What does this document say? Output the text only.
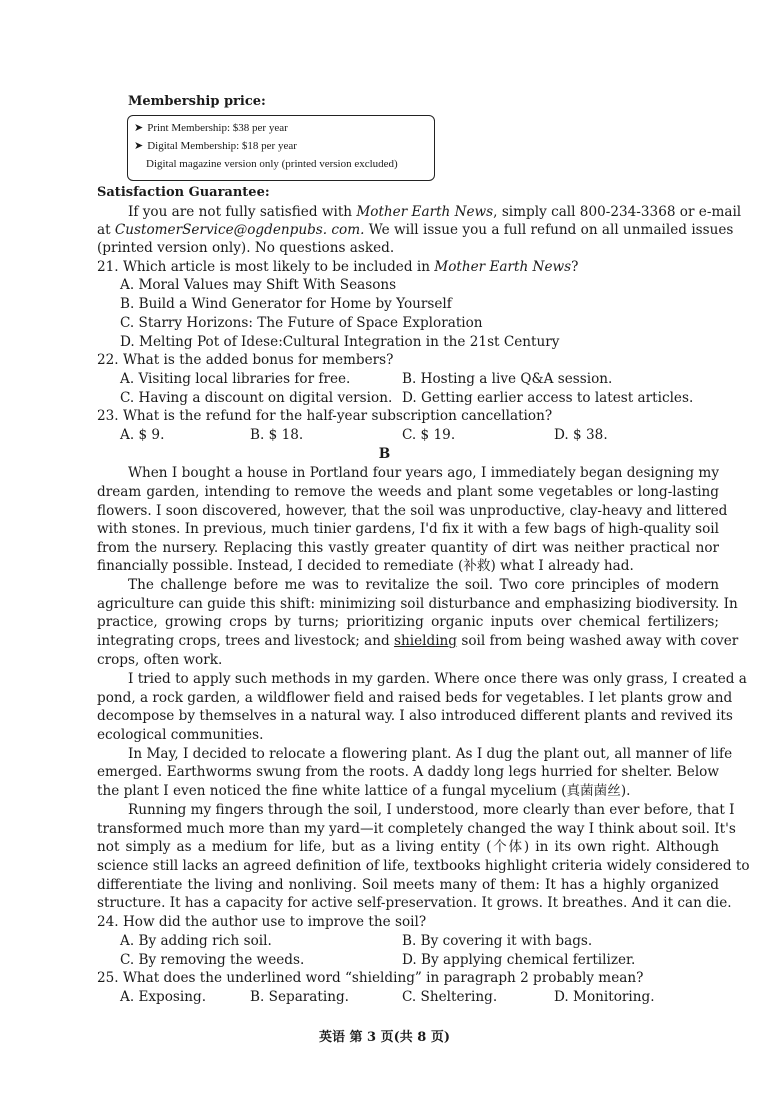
Membership price:
➤ Print Membership: $38 per year
➤ Digital Membership: $18 per year
Digital magazine version only (printed version excluded)
Satisfaction Guarantee:
If you are not fully satisfied with Mother Earth News, simply call 800-234-3368 or e-mail
at CustomerService@ogdenpubs. com. We will issue you a full refund on all unmailed issues
(printed version only). No questions asked.
21. Which article is most likely to be included in Mother Earth News?
A. Moral Values may Shift With Seasons
B. Build a Wind Generator for Home by Yourself
C. Starry Horizons: The Future of Space Exploration
D. Melting Pot of Idese:Cultural Integration in the 21st Century
22. What is the added bonus for members?
A. Visiting local libraries for free.	B. Hosting a live Q&A session.
C. Having a discount on digital version. D. Getting earlier access to latest articles.
23. What is the refund for the half-year subscription cancellation?
A. $ 9.	B. $ 18.	C. $ 19.	D. $ 38.
B
When I bought a house in Portland four years ago, I immediately began designing my
dream garden, intending to remove the weeds and plant some vegetables or long-lasting
flowers. I soon discovered, however, that the soil was unproductive, clay-heavy and littered
with stones. In previous, much tinier gardens, I'd fix it with a few bags of high-quality soil
from the nursery. Replacing this vastly greater quantity of dirt was neither practical nor
financially possible. Instead, I decided to remediate (补救) what I already had.
The challenge before me was to revitalize the soil. Two core principles of modern
agriculture can guide this shift: minimizing soil disturbance and emphasizing biodiversity. In
practice, growing crops by turns; prioritizing organic inputs over chemical fertilizers;
integrating crops, trees and livestock; and shielding soil from being washed away with cover
crops, often work.
I tried to apply such methods in my garden. Where once there was only grass, I created a
pond, a rock garden, a wildflower field and raised beds for vegetables. I let plants grow and
decompose by themselves in a natural way. I also introduced different plants and revived its
ecological communities.
In May, I decided to relocate a flowering plant. As I dug the plant out, all manner of life
emerged. Earthworms swung from the roots. A daddy long legs hurried for shelter. Below
the plant I even noticed the fine white lattice of a fungal mycelium (真菌菌丝).
Running my fingers through the soil, I understood, more clearly than ever before, that I
transformed much more than my yard—it completely changed the way I think about soil. It's
not simply as a medium for life, but as a living entity (个体) in its own right. Although
science still lacks an agreed definition of life, textbooks highlight criteria widely considered to
differentiate the living and nonliving. Soil meets many of them: It has a highly organized
structure. It has a capacity for active self-preservation. It grows. It breathes. And it can die.
24. How did the author use to improve the soil?
A. By adding rich soil.	B. By covering it with bags.
C. By removing the weeds.	D. By applying chemical fertilizer.
25. What does the underlined word “shielding” in paragraph 2 probably mean?
A. Exposing.	B. Separating.	C. Sheltering.	D. Monitoring.
英语 第 3 页(共 8 页)
